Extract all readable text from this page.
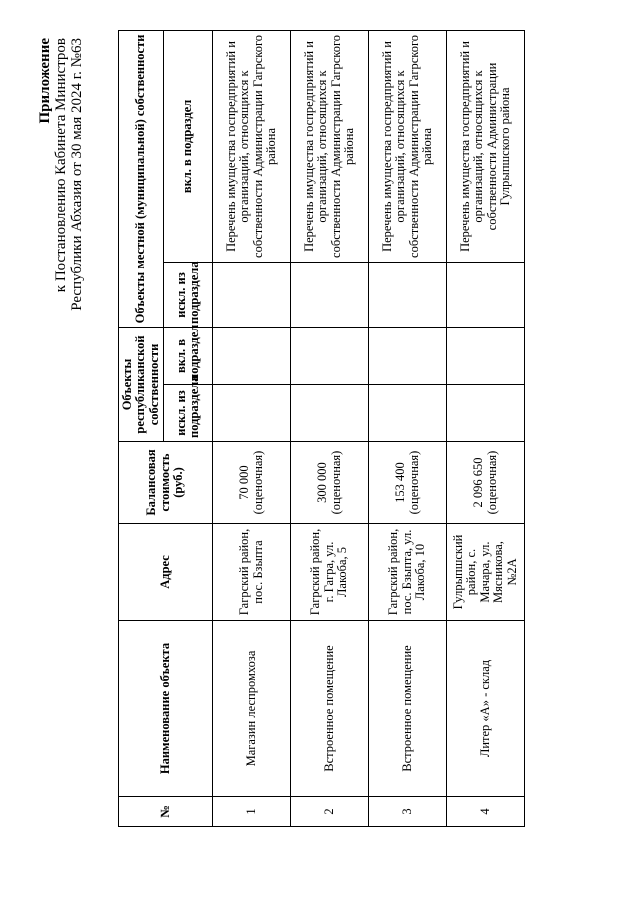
Приложение к Постановлению Кабинета Министров Республики Абхазия от 30 мая 2024 г. №63
№	Наименование объекта	Адрес	Балансовая стоимость (руб.)	Объекты республиканской собственности		Объекты местной (муниципальной) собственности	
				искл. из подраздела	вкл. в подраздел	искл. из подраздела	вкл. в подраздел
1	Магазин леспромхоза	Гагрский район, пос. Бзыпта	70 000 (оценочная)				Перечень имущества госпредприятий и организаций, относящихся к собственности Администрации Гагрского района
2	Встроенное помещение	Гагрский район, г. Гагра, ул. Лакоба, 5	300 000 (оценочная)				Перечень имущества госпредприятий и организаций, относящихся к собственности Администрации Гагрского района
3	Встроенное помещение	Гагрский район, пос. Бзыпта, ул. Лакоба, 10	153 400 (оценочная)				Перечень имущества госпредприятий и организаций, относящихся к собственности Администрации Гагрского района
4	Литер «А» - склад	Гулрыпшский район, с. Мачара, ул. Мясникова, №2А	2 096 650 (оценочная)				Перечень имущества госпредприятий и организаций, относящихся к собственности Администрации Гулрыпшского района
